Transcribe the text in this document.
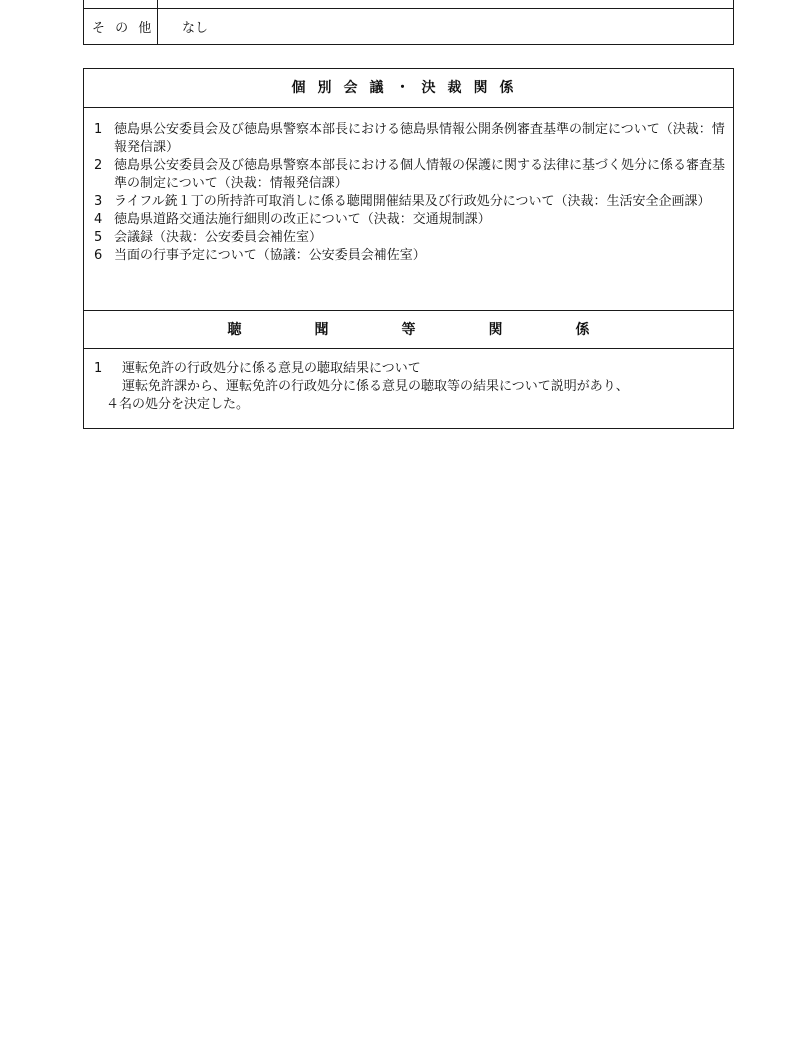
そ の 他 なし
個別会議・決裁関係
1 徳島県公安委員会及び徳島県警察本部長における徳島県情報公開条例審査基準の制定について（決裁：情報発信課）
2 徳島県公安委員会及び徳島県警察本部長における個人情報の保護に関する法律に基づく処分に係る審査基準の制定について（決裁：情報発信課）
3 ライフル銃１丁の所持許可取消しに係る聴聞開催結果及び行政処分について（決裁：生活安全企画課）
4 徳島県道路交通法施行細則の改正について（決裁：交通規制課）
5 会議録（決裁：公安委員会補佐室）
6 当面の行事予定について（協議：公安委員会補佐室）
聴	聞	等	関	係
1 運転免許の行政処分に係る意見の聴取結果について
運転免許課から、運転免許の行政処分に係る意見の聴取等の結果について説明があり、
４名の処分を決定した。
